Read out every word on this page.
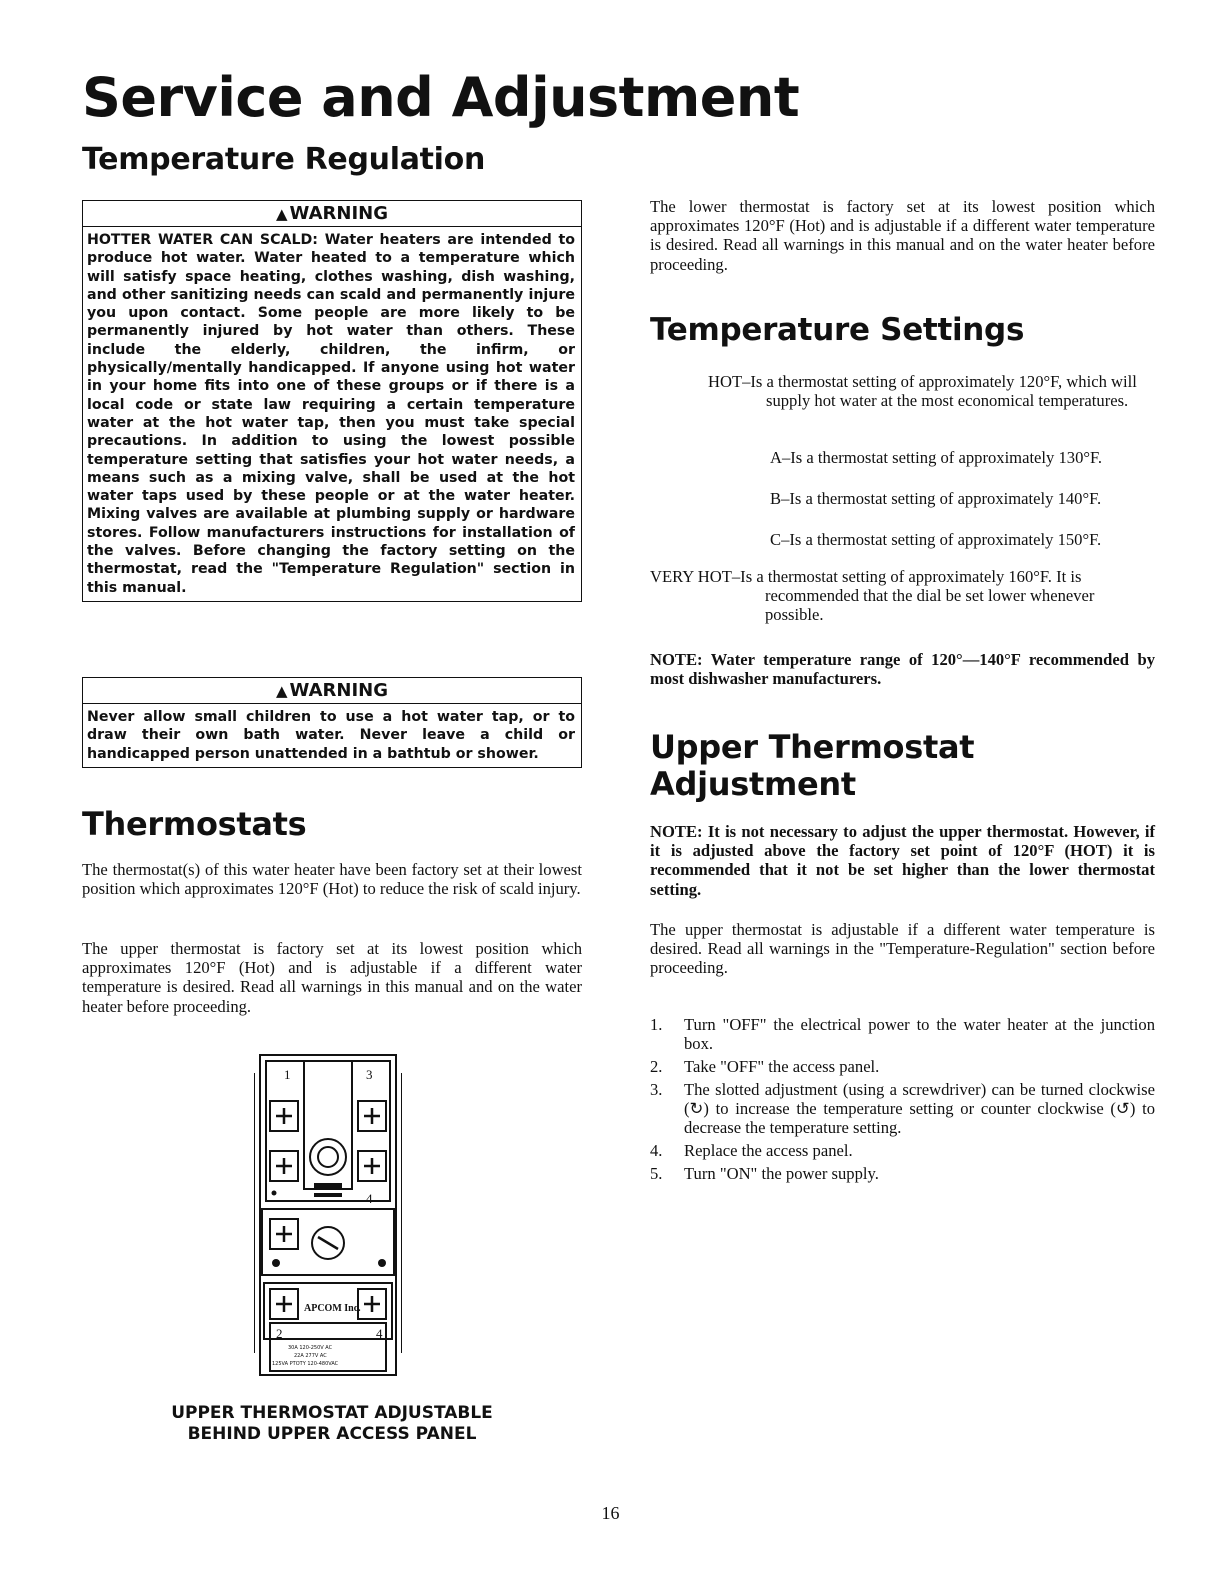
Service and Adjustment
Temperature Regulation
▲ WARNING
HOTTER WATER CAN SCALD: Water heaters are intended to produce hot water. Water heated to a temperature which will satisfy space heating, clothes washing, dish washing, and other sanitizing needs can scald and permanently injure you upon contact. Some people are more likely to be permanently injured by hot water than others. These include the elderly, children, the infirm, or physically/mentally handicapped. If anyone using hot water in your home fits into one of these groups or if there is a local code or state law requiring a certain temperature water at the hot water tap, then you must take special precautions. In addition to using the lowest possible temperature setting that satisfies your hot water needs, a means such as a mixing valve, shall be used at the hot water taps used by these people or at the water heater. Mixing valves are available at plumbing supply or hardware stores. Follow manufacturers instructions for installation of the valves. Before changing the factory setting on the thermostat, read the "Temperature Regulation" section in this manual.
▲ WARNING
Never allow small children to use a hot water tap, or to draw their own bath water. Never leave a child or handicapped person unattended in a bathtub or shower.
Thermostats

The thermostat(s) of this water heater have been factory set at their lowest position which approximates 120°F (Hot) to reduce the risk of scald injury.

The upper thermostat is factory set at its lowest position which approximates 120°F (Hot) and is adjustable if a different water temperature is desired. Read all warnings in this manual and on the water heater before proceeding.

1	3
4
2	4
APCOM Inc.
30A 120-250V AC
22A 277V AC
125VA PTOTY 120-480VAC
UPPER THERMOSTAT ADJUSTABLE
BEHIND UPPER ACCESS PANEL

The lower thermostat is factory set at its lowest position which approximates 120°F (Hot) and is adjustable if a different water temperature is desired. Read all warnings in this manual and on the water heater before proceeding.

Temperature Settings
HOT–Is a thermostat setting of approximately 120°F, which will supply hot water at the most economical temperatures.
A–Is a thermostat setting of approximately 130°F.
B–Is a thermostat setting of approximately 140°F.
C–Is a thermostat setting of approximately 150°F.
VERY HOT–Is a thermostat setting of approximately 160°F. It is recommended that the dial be set lower whenever possible.

NOTE: Water temperature range of 120°—140°F recommended by most dishwasher manufacturers.

Upper Thermostat
Adjustment

NOTE: It is not necessary to adjust the upper thermostat. However, if it is adjusted above the factory set point of 120°F (HOT) it is recommended that it not be set higher than the lower thermostat setting.

The upper thermostat is adjustable if a different water temperature is desired. Read all warnings in the "Temperature-Regulation" section before proceeding.

1. Turn "OFF" the electrical power to the water heater at the junction box.
2. Take "OFF" the access panel.
3. The slotted adjustment (using a screwdriver) can be turned clockwise (↻) to increase the temperature setting or counter clockwise (↺) to decrease the temperature setting.
4. Replace the access panel.
5. Turn "ON" the power supply.
16
